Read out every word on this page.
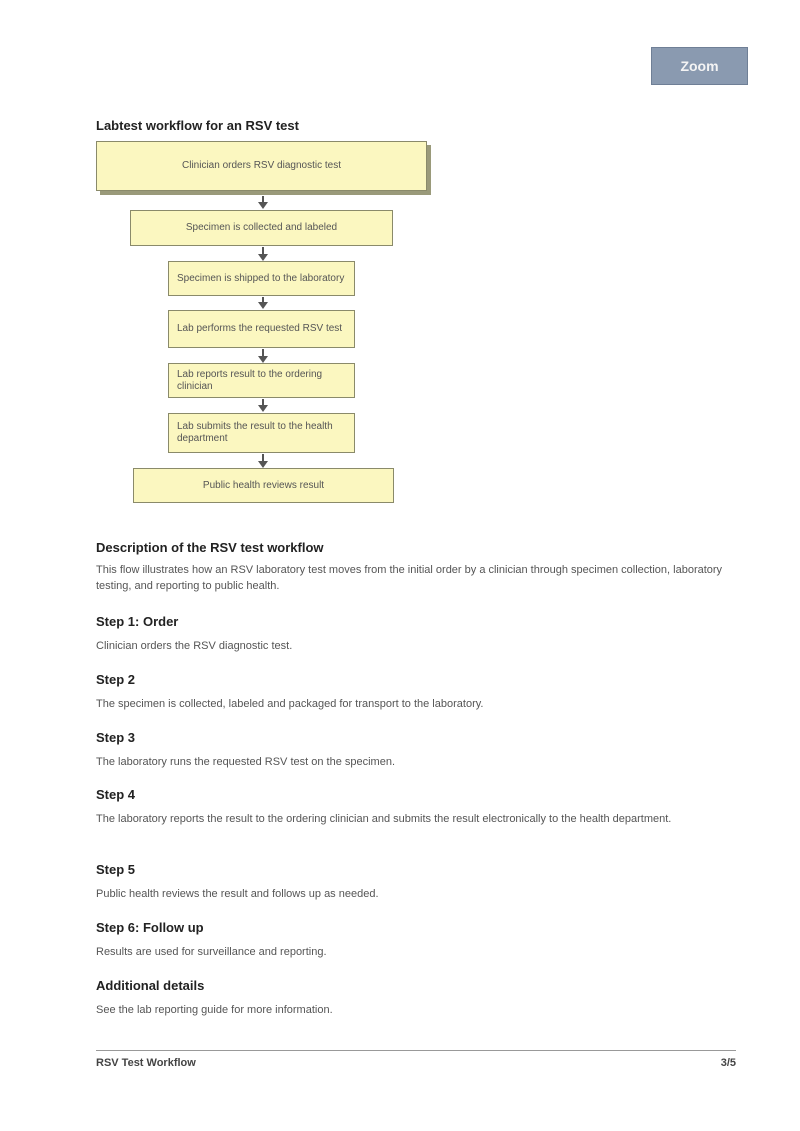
Zoom
Labtest workflow for an RSV test
Clinician orders RSV diagnostic test
Specimen is collected and labeled
Specimen is shipped to the laboratory
Lab performs the requested RSV test
Lab reports result to the ordering clinician
Lab submits the result to the health department
Public health reviews result
Description of the RSV test workflow
This flow illustrates how an RSV laboratory test moves from the initial order by a clinician through specimen collection, laboratory testing, and reporting to public health.
Step 1: Order
Clinician orders the RSV diagnostic test.
Step 2
The specimen is collected, labeled and packaged for transport to the laboratory.
Step 3
The laboratory runs the requested RSV test on the specimen.
Step 4
The laboratory reports the result to the ordering clinician and submits the result electronically to the health department.
Step 5
Public health reviews the result and follows up as needed.
Step 6: Follow up
Results are used for surveillance and reporting.
Additional details
See the lab reporting guide for more information.
RSV Test Workflow	3/5
